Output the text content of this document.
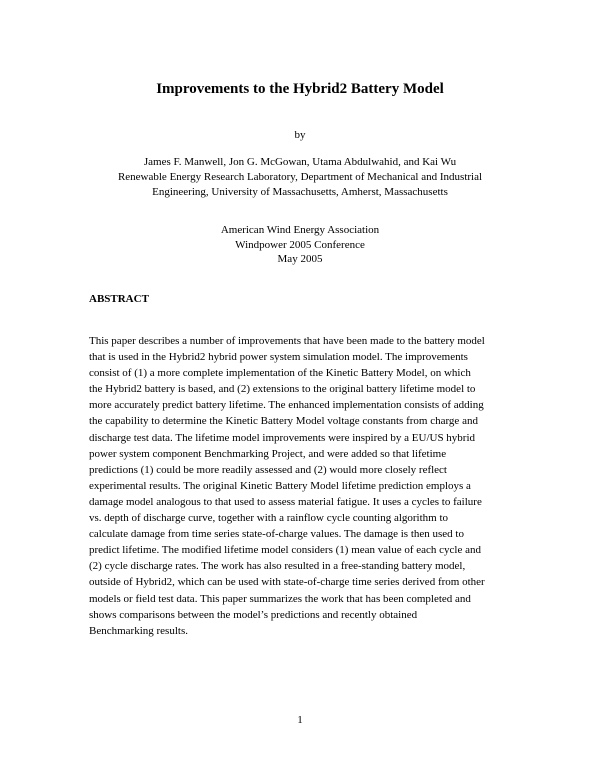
Improvements to the Hybrid2 Battery Model
by
James F. Manwell, Jon G. McGowan, Utama Abdulwahid, and Kai Wu
Renewable Energy Research Laboratory, Department of Mechanical and Industrial
Engineering, University of Massachusetts, Amherst, Massachusetts
American Wind Energy Association
Windpower 2005 Conference
May 2005
ABSTRACT
This paper describes a number of improvements that have been made to the battery model
that is used in the Hybrid2 hybrid power system simulation model. The improvements
consist of (1) a more complete implementation of the Kinetic Battery Model, on which
the Hybrid2 battery is based, and (2) extensions to the original battery lifetime model to
more accurately predict battery lifetime. The enhanced implementation consists of adding
the capability to determine the Kinetic Battery Model voltage constants from charge and
discharge test data. The lifetime model improvements were inspired by a EU/US hybrid
power system component Benchmarking Project, and were added so that lifetime
predictions (1) could be more readily assessed and (2) would more closely reflect
experimental results. The original Kinetic Battery Model lifetime prediction employs a
damage model analogous to that used to assess material fatigue. It uses a cycles to failure
vs. depth of discharge curve, together with a rainflow cycle counting algorithm to
calculate damage from time series state-of-charge values. The damage is then used to
predict lifetime. The modified lifetime model considers (1) mean value of each cycle and
(2) cycle discharge rates. The work has also resulted in a free-standing battery model,
outside of Hybrid2, which can be used with state-of-charge time series derived from other
models or field test data. This paper summarizes the work that has been completed and
shows comparisons between the model’s predictions and recently obtained
Benchmarking results.
1
